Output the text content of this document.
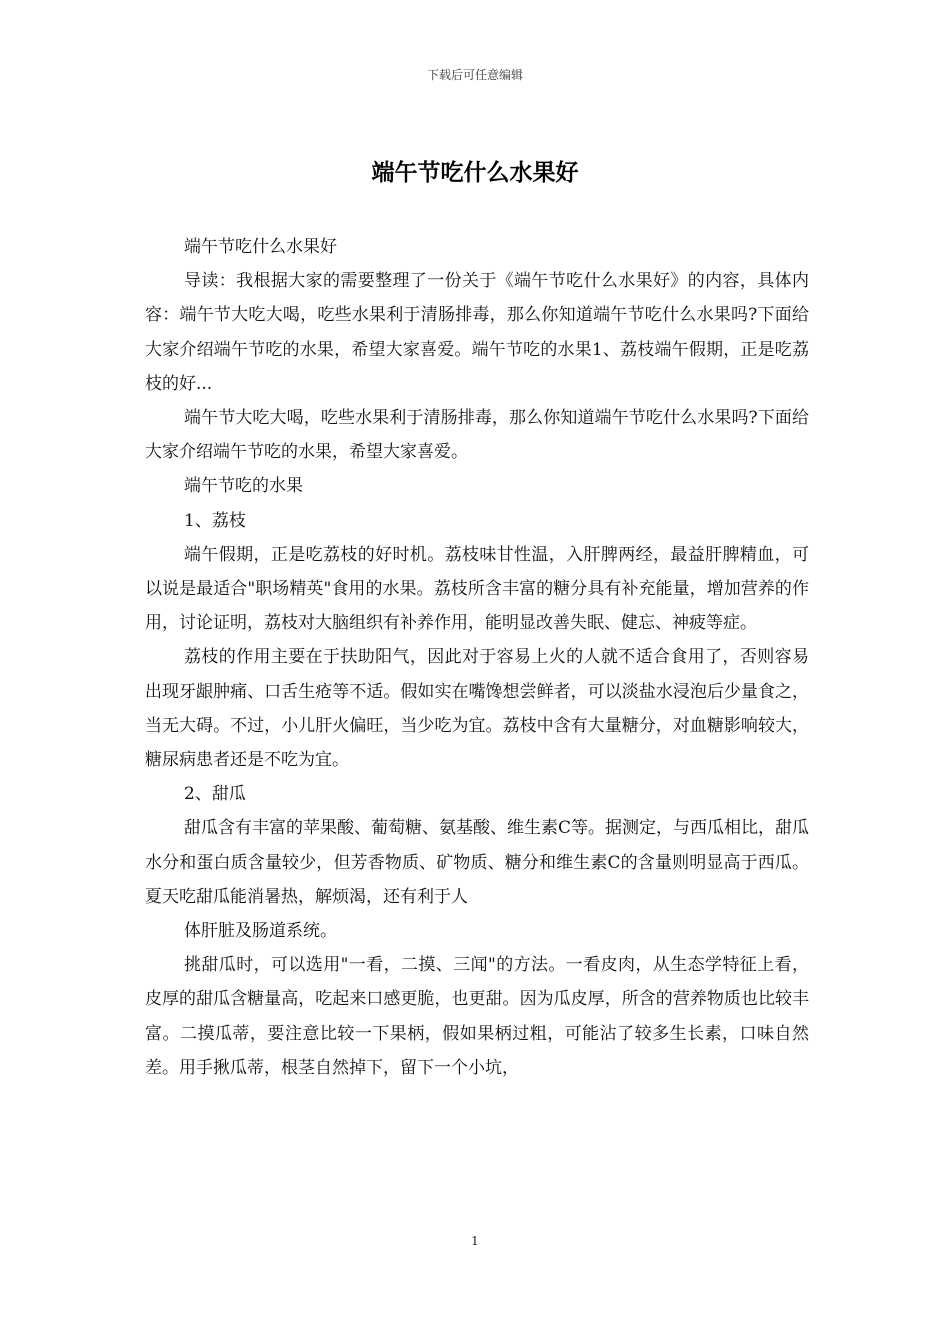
下载后可任意编辑
端午节吃什么水果好

端午节吃什么水果好

导读：我根据大家的需要整理了一份关于《端午节吃什么水果好》的内容，具体内容：端午节大吃大喝，吃些水果利于清肠排毒，那么你知道端午节吃什么水果吗?下面给大家介绍端午节吃的水果，希望大家喜爱。端午节吃的水果1、荔枝端午假期，正是吃荔枝的好...

端午节大吃大喝，吃些水果利于清肠排毒，那么你知道端午节吃什么水果吗?下面给大家介绍端午节吃的水果，希望大家喜爱。

端午节吃的水果

1、荔枝

端午假期，正是吃荔枝的好时机。荔枝味甘性温，入肝脾两经，最益肝脾精血，可以说是最适合"职场精英"食用的水果。荔枝所含丰富的糖分具有补充能量，增加营养的作用，讨论证明，荔枝对大脑组织有补养作用，能明显改善失眠、健忘、神疲等症。

荔枝的作用主要在于扶助阳气，因此对于容易上火的人就不适合食用了，否则容易出现牙龈肿痛、口舌生疮等不适。假如实在嘴馋想尝鲜者，可以淡盐水浸泡后少量食之，当无大碍。不过，小儿肝火偏旺，当少吃为宜。荔枝中含有大量糖分，对血糖影响较大，糖尿病患者还是不吃为宜。

2、甜瓜

甜瓜含有丰富的苹果酸、葡萄糖、氨基酸、维生素C等。据测定，与西瓜相比，甜瓜水分和蛋白质含量较少，但芳香物质、矿物质、糖分和维生素C的含量则明显高于西瓜。夏天吃甜瓜能消暑热，解烦渴，还有利于人

体肝脏及肠道系统。

挑甜瓜时，可以选用"一看，二摸、三闻"的方法。一看皮肉，从生态学特征上看，皮厚的甜瓜含糖量高，吃起来口感更脆，也更甜。因为瓜皮厚，所含的营养物质也比较丰富。二摸瓜蒂，要注意比较一下果柄，假如果柄过粗，可能沾了较多生长素，口味自然差。用手揪瓜蒂，根茎自然掉下，留下一个小坑，

1
